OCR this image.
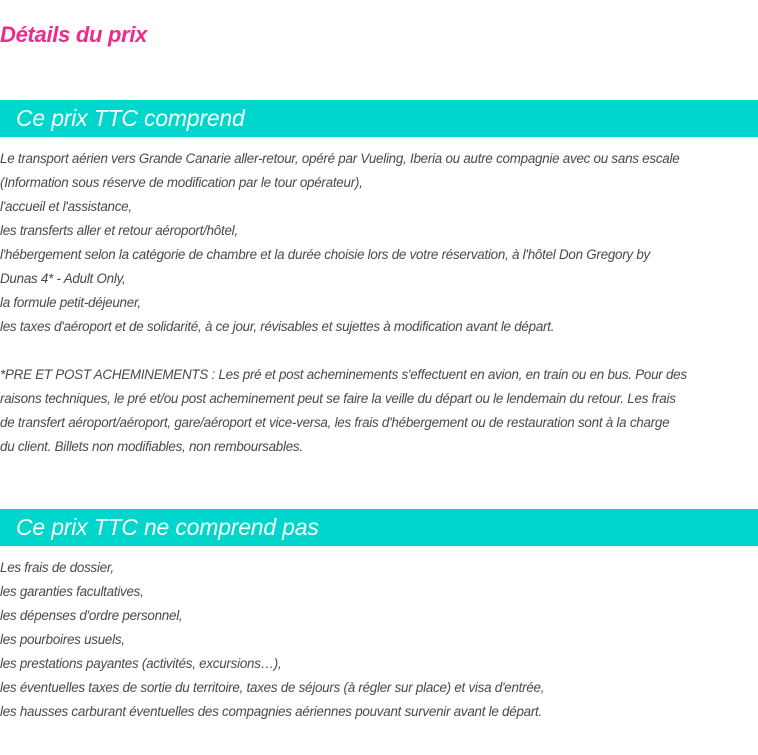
Détails du prix
Ce prix TTC comprend
Le transport aérien vers Grande Canarie aller-retour, opéré par Vueling, Iberia ou autre compagnie avec ou sans escale
(Information sous réserve de modification par le tour opérateur),
l'accueil et l'assistance,
les transferts aller et retour aéroport/hôtel,
l'hébergement selon la catégorie de chambre et la durée choisie lors de votre réservation, à l'hôtel Don Gregory by
Dunas 4* - Adult Only,
la formule petit-déjeuner,
les taxes d'aéroport et de solidarité, à ce jour, révisables et sujettes à modification avant le départ.
*PRE ET POST ACHEMINEMENTS : Les pré et post acheminements s'effectuent en avion, en train ou en bus. Pour des
raisons techniques, le pré et/ou post acheminement peut se faire la veille du départ ou le lendemain du retour. Les frais
de transfert aéroport/aéroport, gare/aéroport et vice-versa, les frais d'hébergement ou de restauration sont à la charge
du client. Billets non modifiables, non remboursables.
Ce prix TTC ne comprend pas
Les frais de dossier,
les garanties facultatives,
les dépenses d'ordre personnel,
les pourboires usuels,
les prestations payantes (activités, excursions…),
les éventuelles taxes de sortie du territoire, taxes de séjours (à régler sur place) et visa d'entrée,
les hausses carburant éventuelles des compagnies aériennes pouvant survenir avant le départ.
